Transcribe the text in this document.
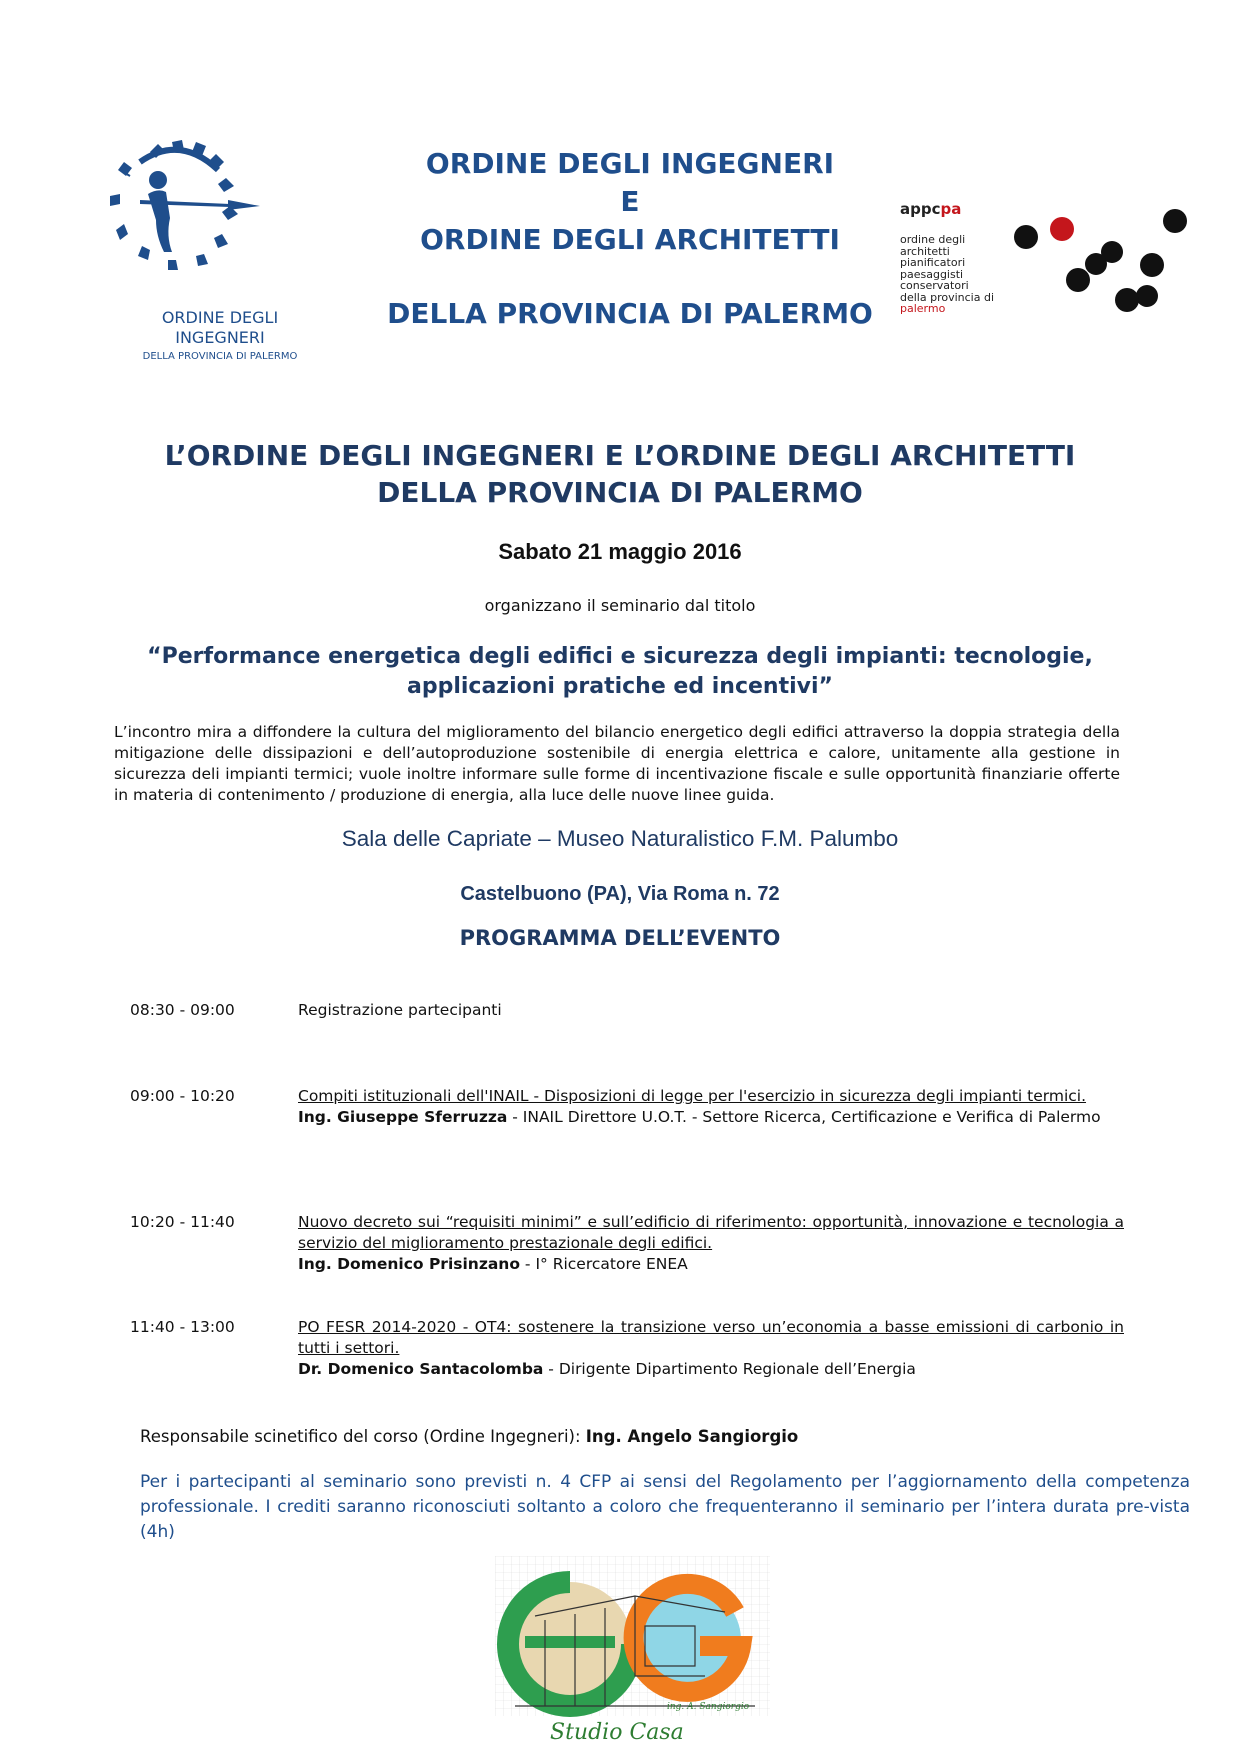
ORDINE DEGLI
INGEGNERI
DELLA PROVINCIA DI PALERMO
ORDINE DEGLI INGEGNERI
E
ORDINE DEGLI ARCHITETTI
DELLA PROVINCIA DI PALERMO
appcpa
ordine degli
architetti
pianificatori
paesaggisti
conservatori
della provincia di
palermo
L’ORDINE DEGLI INGEGNERI E L’ORDINE DEGLI ARCHITETTI
DELLA PROVINCIA DI PALERMO
Sabato 21 maggio 2016
organizzano il seminario dal titolo
“Performance energetica degli edifici e sicurezza degli impianti: tecnologie,
applicazioni pratiche ed incentivi”
L’incontro mira a diffondere la cultura del miglioramento del bilancio energetico degli edifici attraverso la doppia strategia della mitigazione delle dissipazioni e dell’autoproduzione sostenibile di energia elettrica e calore, unitamente alla gestione in sicurezza deli impianti termici; vuole inoltre informare sulle forme di incentivazione fiscale e sulle opportunità finanziarie offerte in materia di contenimento / produzione di energia, alla luce delle nuove linee guida.
Sala delle Capriate – Museo Naturalistico F.M. Palumbo
Castelbuono (PA), Via Roma n. 72
PROGRAMMA DELL’EVENTO
08:30 - 09:00	Registrazione partecipanti
09:00 - 10:20	Compiti istituzionali dell'INAIL - Disposizioni di legge per l'esercizio in sicurezza degli impianti termici.
Ing. Giuseppe Sferruzza - INAIL Direttore U.O.T. - Settore Ricerca, Certificazione e Verifica di Palermo
10:20 - 11:40	Nuovo decreto sui “requisiti minimi” e sull’edificio di riferimento: opportunità, innovazione e tecnologia a servizio del miglioramento prestazionale degli edifici.
Ing. Domenico Prisinzano - I° Ricercatore ENEA
11:40 - 13:00	PO FESR 2014-2020 - OT4: sostenere la transizione verso un’economia a basse emissioni di carbonio in tutti i settori.
Dr. Domenico Santacolomba - Dirigente Dipartimento Regionale dell’Energia
Responsabile scinetifico del corso (Ordine Ingegneri): Ing. Angelo Sangiorgio
Per i partecipanti al seminario sono previsti n. 4 CFP ai sensi del Regolamento per l’aggiornamento della competenza professionale. I crediti saranno riconosciuti soltanto a coloro che frequenteranno il seminario per l’intera durata pre-vista (4h)
ing. A. Sangiorgio
Studio Casa
